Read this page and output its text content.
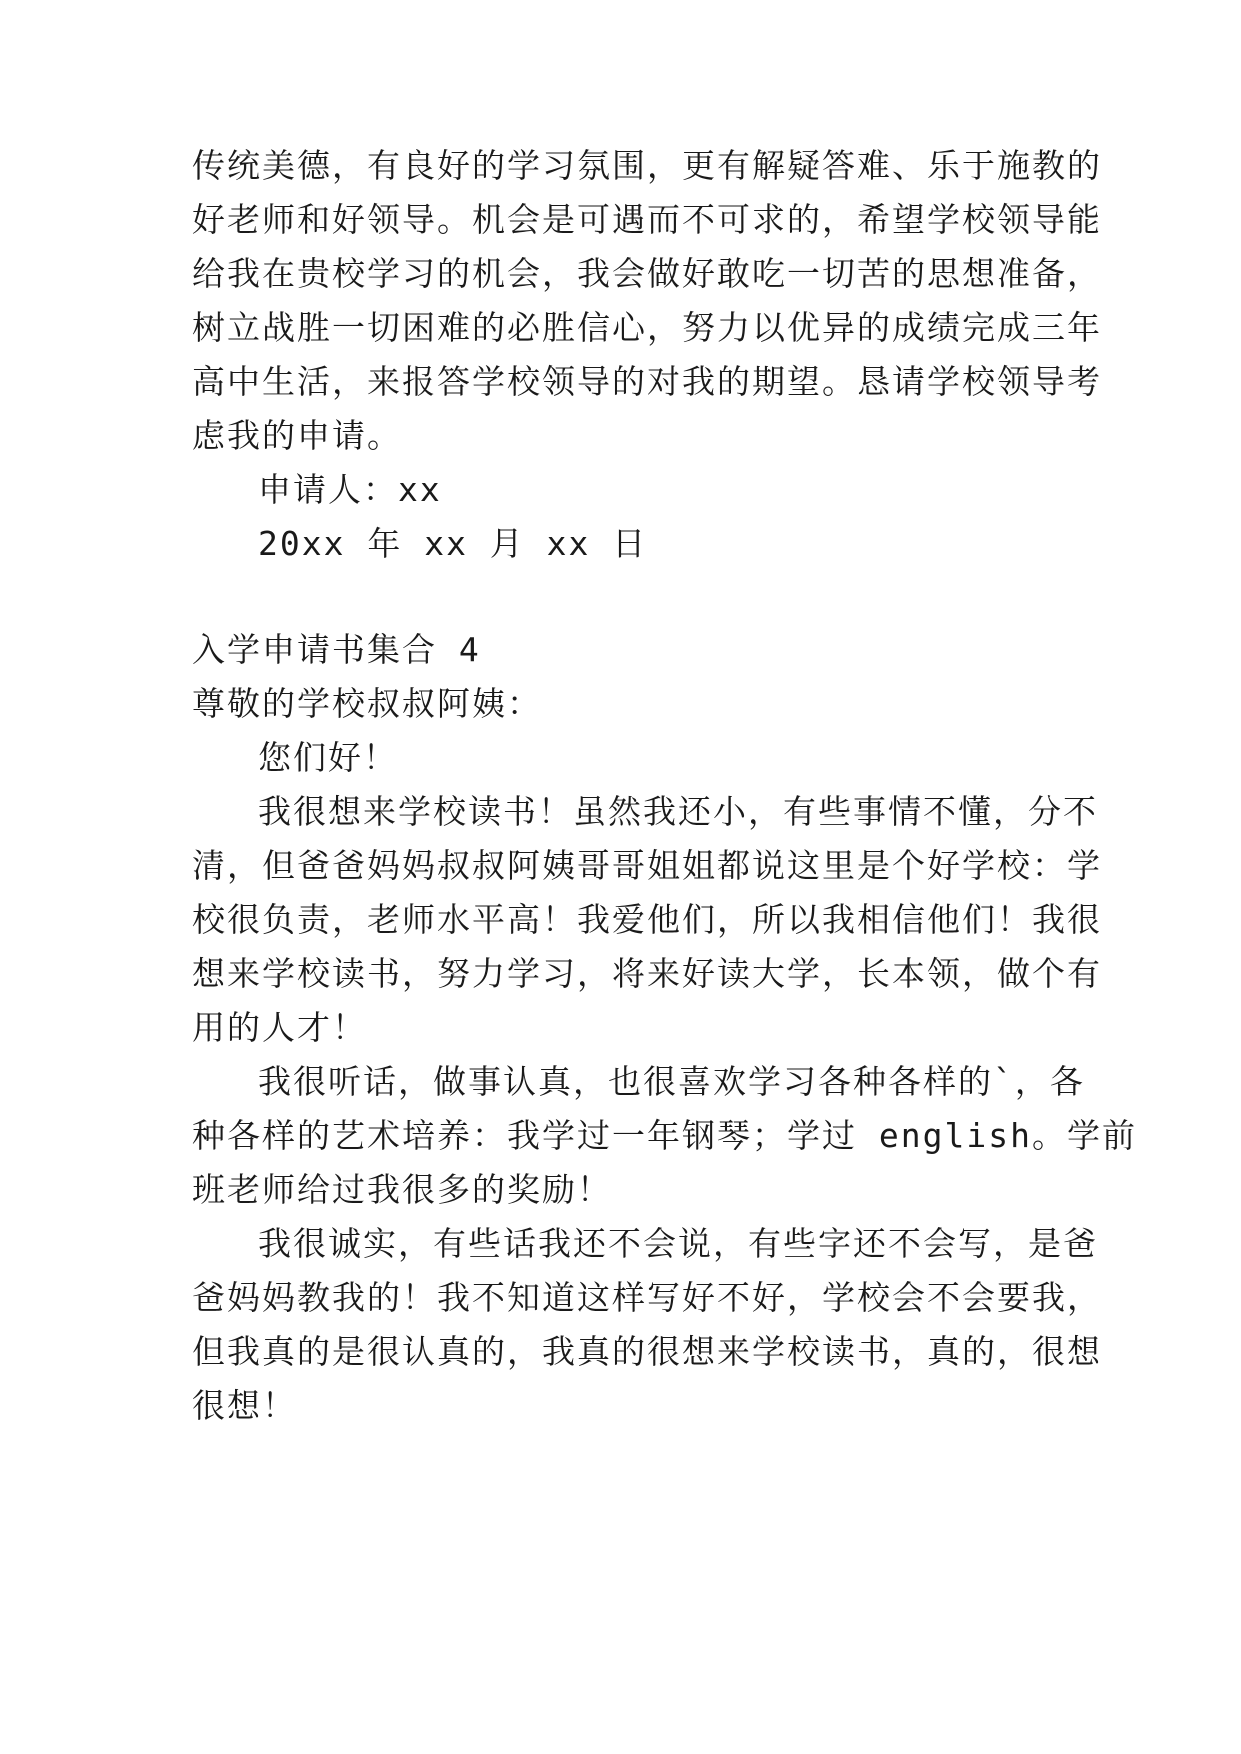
传统美德，有良好的学习氛围，更有解疑答难、乐于施教的
好老师和好领导。机会是可遇而不可求的，希望学校领导能
给我在贵校学习的机会，我会做好敢吃一切苦的思想准备，
树立战胜一切困难的必胜信心，努力以优异的成绩完成三年
高中生活，来报答学校领导的对我的期望。恳请学校领导考
虑我的申请。
申请人：xx
20xx 年 xx 月 xx 日
入学申请书集合 4
尊敬的学校叔叔阿姨：
您们好！
我很想来学校读书！虽然我还小，有些事情不懂，分不
清，但爸爸妈妈叔叔阿姨哥哥姐姐都说这里是个好学校：学
校很负责，老师水平高！我爱他们，所以我相信他们！我很
想来学校读书，努力学习，将来好读大学，长本领，做个有
用的人才！
我很听话，做事认真，也很喜欢学习各种各样的`，各
种各样的艺术培养：我学过一年钢琴；学过 english。学前
班老师给过我很多的奖励！
我很诚实，有些话我还不会说，有些字还不会写，是爸
爸妈妈教我的！我不知道这样写好不好，学校会不会要我，
但我真的是很认真的，我真的很想来学校读书，真的，很想
很想！
